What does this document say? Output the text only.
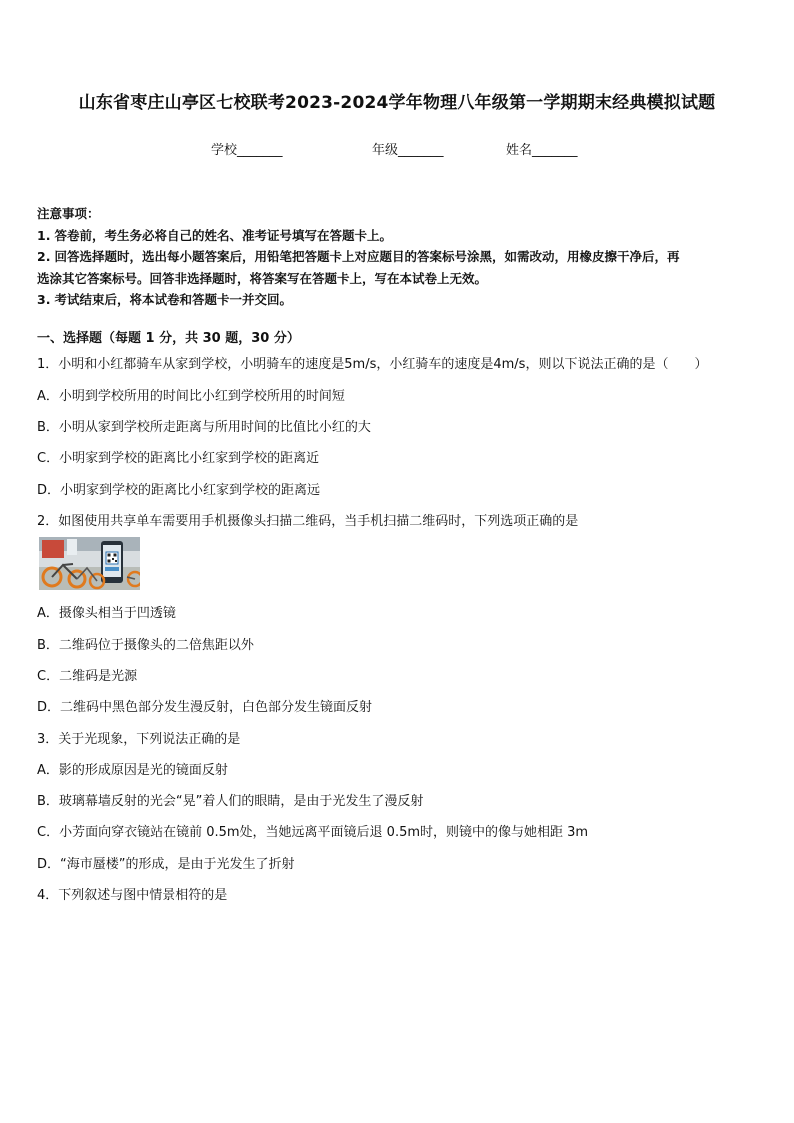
山东省枣庄山亭区七校联考2023-2024学年物理八年级第一学期期末经典模拟试题
学校_______	年级_______	姓名_______
注意事项：
1. 答卷前，考生务必将自己的姓名、准考证号填写在答题卡上。
2. 回答选择题时，选出每小题答案后，用铅笔把答题卡上对应题目的答案标号涂黑，如需改动，用橡皮擦干净后，再
选涂其它答案标号。回答非选择题时，将答案写在答题卡上，写在本试卷上无效。
3. 考试结束后，将本试卷和答题卡一并交回。
一、选择题（每题 1 分，共 30 题，30 分）
1．小明和小红都骑车从家到学校，小明骑车的速度是5m/s，小红骑车的速度是4m/s，则以下说法正确的是（　　）
A．小明到学校所用的时间比小红到学校所用的时间短
B．小明从家到学校所走距离与所用时间的比值比小红的大
C．小明家到学校的距离比小红家到学校的距离近
D．小明家到学校的距离比小红家到学校的距离远
2．如图使用共享单车需要用手机摄像头扫描二维码，当手机扫描二维码时，下列选项正确的是
A．摄像头相当于凹透镜
B．二维码位于摄像头的二倍焦距以外
C．二维码是光源
D．二维码中黑色部分发生漫反射，白色部分发生镜面反射
3．关于光现象，下列说法正确的是
A．影的形成原因是光的镜面反射
B．玻璃幕墙反射的光会“晃”着人们的眼睛，是由于光发生了漫反射
C．小芳面向穿衣镜站在镜前 0.5m处，当她远离平面镜后退 0.5m时，则镜中的像与她相距 3m
D．“海市蜃楼”的形成，是由于光发生了折射
4．下列叙述与图中情景相符的是
